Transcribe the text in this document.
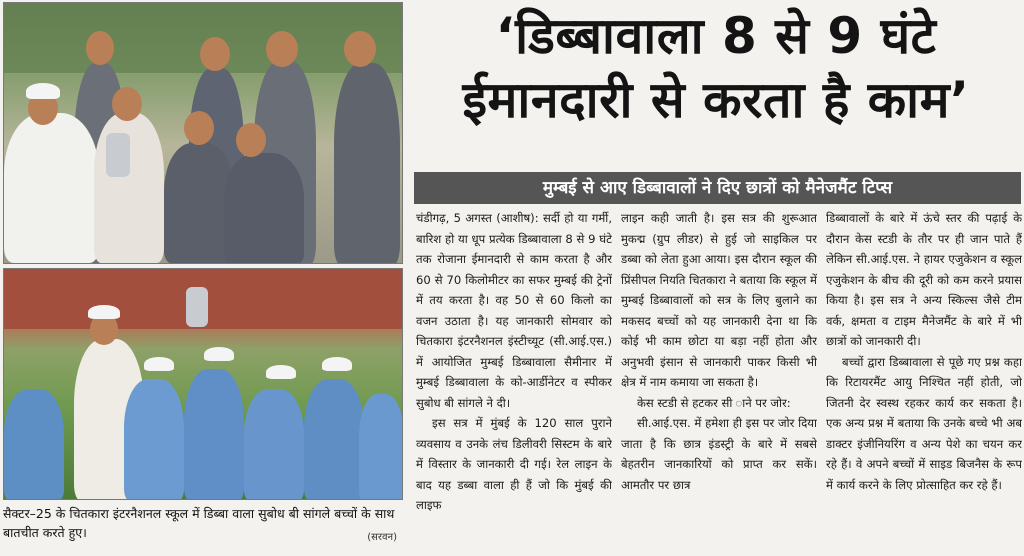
सैक्टर–25 के चितकारा इंटरनैशनल स्कूल में डिब्बा वाला सुबोध बी सांगले बच्चों के साथ बातचीत करते हुए।	(सरवन)
‘डिब्बावाला 8 से 9 घंटे
ईमानदारी से करता है काम’
मुम्बई से आए डिब्बावालों ने दिए छात्रों को मैनेजमैंट टिप्स

चंडीगढ़, 5 अगस्त (आशीष): सर्दी हो या गर्मी, बारिश हो या धूप प्रत्येक डिब्बावाला 8 से 9 घंटे तक रोजाना ईमानदारी से काम करता है और 60 से 70 किलोमीटर का सफर मुम्बई की ट्रेनों में तय करता है। वह 50 से 60 किलो का वजन उठाता है। यह जानकारी सोमवार को चितकारा इंटरनैशनल इंस्टीच्यूट (सी.आई.एस.) में आयोजित मुम्बई डिब्बावाला सैमीनार में मुम्बई डिब्बावाला के को-आर्डीनेटर व स्पीकर सुबोध बी सांगले ने दी।

इस सत्र में मुंबई के 120 साल पुराने व्यवसाय व उनके लंच डिलीवरी सिस्टम के बारे में विस्तार के जानकारी दी गई। रेल लाइन के बाद यह डब्बा वाला ही हैं जो कि मुंबई की लाइफ

लाइन कही जाती है। इस सत्र की शुरूआत मुकद्म (ग्रुप लीडर) से हुई जो साइकिल पर डब्बा को लेता हुआ आया। इस दौरान स्कूल की प्रिंसीपल नियति चितकारा ने बताया कि स्कूल में मुम्बई डिब्बावालों को सत्र के लिए बुलाने का मकसद बच्चों को यह जानकारी देना था कि कोई भी काम छोटा या बड़ा नहीं होता और अनुभवी इंसान से जानकारी पाकर किसी भी क्षेत्र में नाम कमाया जा सकता है।

केस स्टडी से हटकर सी ाने पर जोर:

सी.आई.एस. में हमेशा ही इस पर जोर दिया जाता है कि छात्र इंडस्ट्री के बारे में सबसे बेहतरीन जानकारियों को प्राप्त कर सकें। आमतौर पर छात्र

डिब्बावालों के बारे में ऊंचे स्तर की पढ़ाई के दौरान केस स्टडी के तौर पर ही जान पाते हैं लेकिन सी.आई.एस. ने हायर एजुकेशन व स्कूल एजुकेशन के बीच की दूरी को कम करने प्रयास किया है। इस सत्र ने अन्य स्किल्स जैसे टीम वर्क, क्षमता व टाइम मैनेजमैंट के बारे में भी छात्रों को जानकारी दी।

बच्चों द्वारा डिब्बावाला से पूछे गए प्रश्न कहा कि रिटायरमैंट आयु निश्चित नहीं होती, जो जितनी देर स्वस्थ रहकर कार्य कर सकता है। एक अन्य प्रश्न में बताया कि उनके बच्चे भी अब डाक्टर इंजीनियरिंग व अन्य पेशे का चयन कर रहे हैं। वे अपने बच्चों में साइड बिजनैस के रूप में कार्य करने के लिए प्रोत्साहित कर रहे हैं।
